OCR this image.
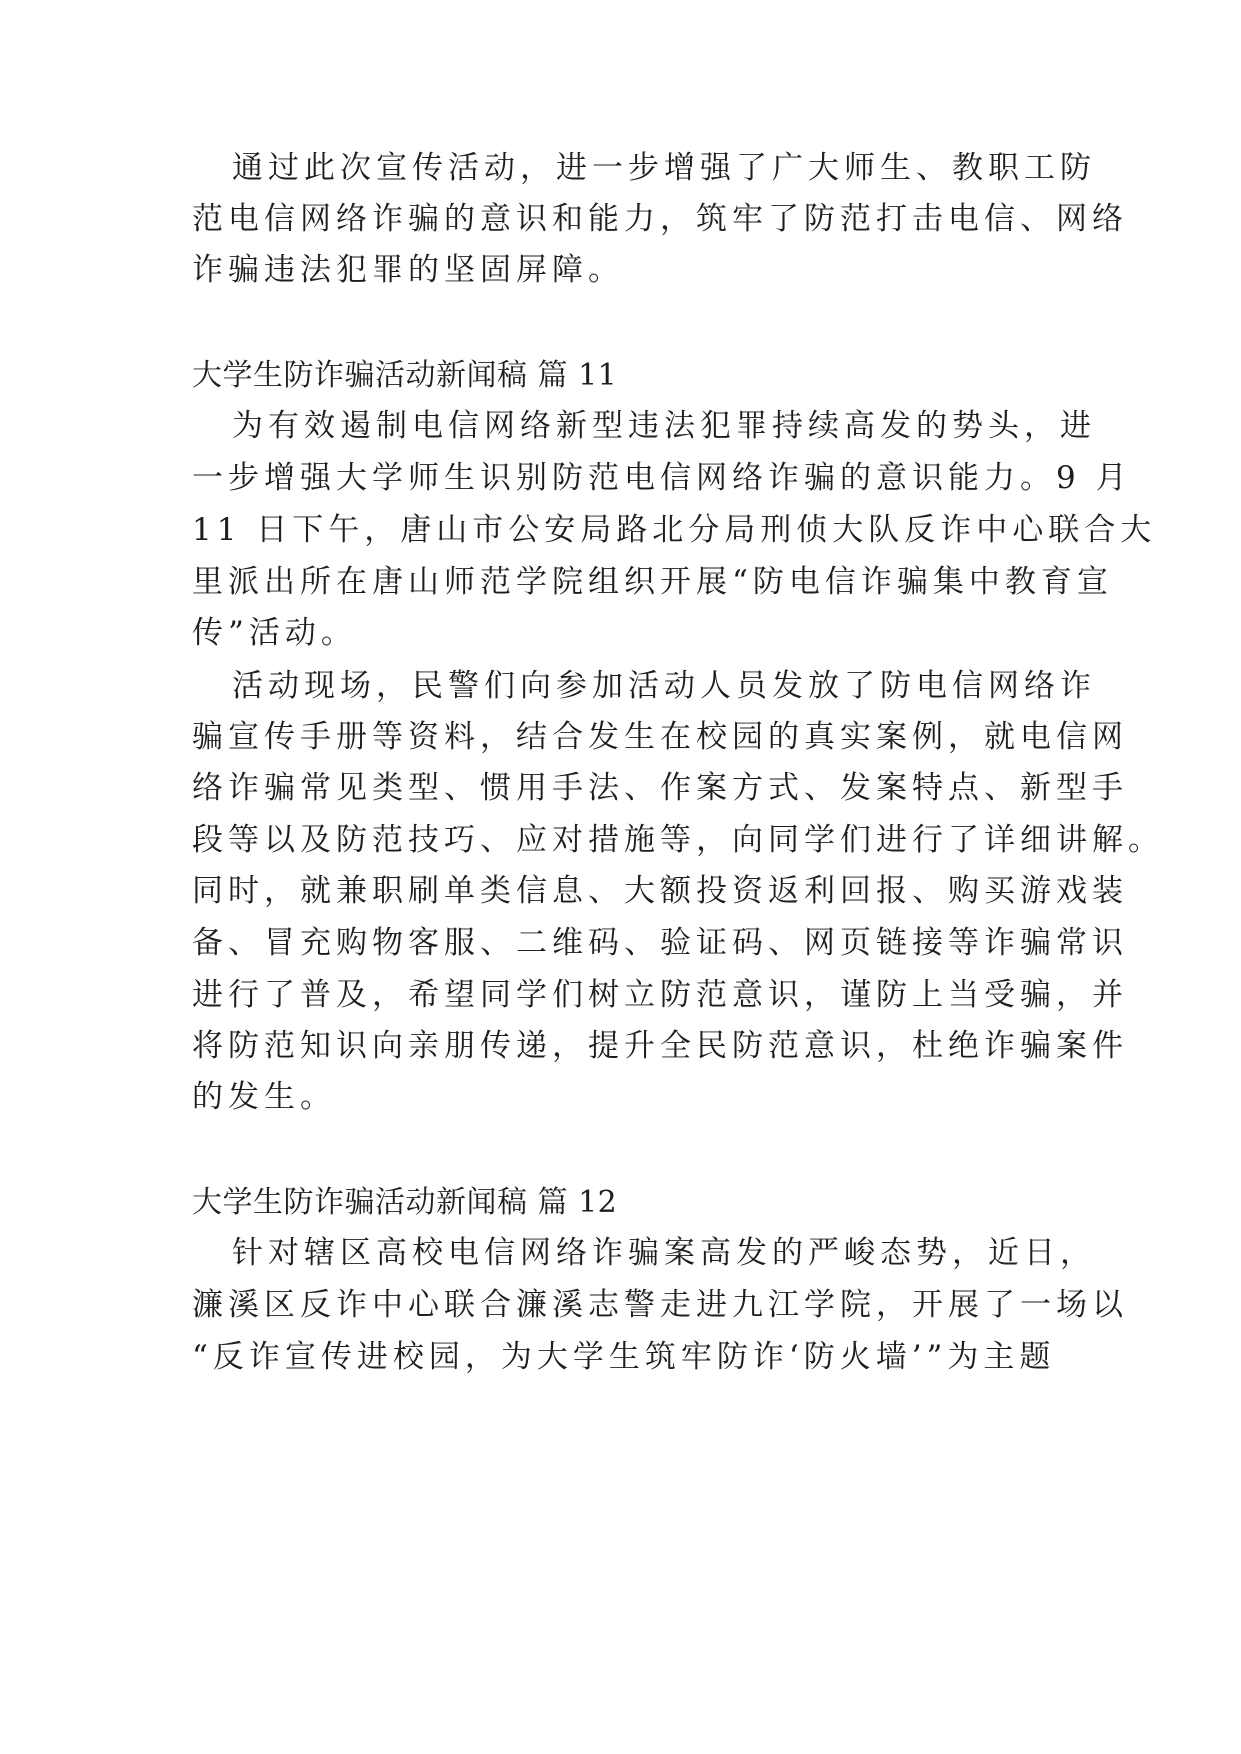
通过此次宣传活动，进一步增强了广大师生、教职工防
范电信网络诈骗的意识和能力，筑牢了防范打击电信、网络
诈骗违法犯罪的坚固屏障。
大学生防诈骗活动新闻稿 篇 11
为有效遏制电信网络新型违法犯罪持续高发的势头，进
一步增强大学师生识别防范电信网络诈骗的意识能力。9 月
11 日下午，唐山市公安局路北分局刑侦大队反诈中心联合大
里派出所在唐山师范学院组织开展“防电信诈骗集中教育宣
传”活动。
活动现场，民警们向参加活动人员发放了防电信网络诈
骗宣传手册等资料，结合发生在校园的真实案例，就电信网
络诈骗常见类型、惯用手法、作案方式、发案特点、新型手
段等以及防范技巧、应对措施等，向同学们进行了详细讲解。
同时，就兼职刷单类信息、大额投资返利回报、购买游戏装
备、冒充购物客服、二维码、验证码、网页链接等诈骗常识
进行了普及，希望同学们树立防范意识，谨防上当受骗，并
将防范知识向亲朋传递，提升全民防范意识，杜绝诈骗案件
的发生。
大学生防诈骗活动新闻稿 篇 12
针对辖区高校电信网络诈骗案高发的严峻态势，近日，
濂溪区反诈中心联合濂溪志警走进九江学院，开展了一场以
“反诈宣传进校园，为大学生筑牢防诈‘防火墙’”为主题
